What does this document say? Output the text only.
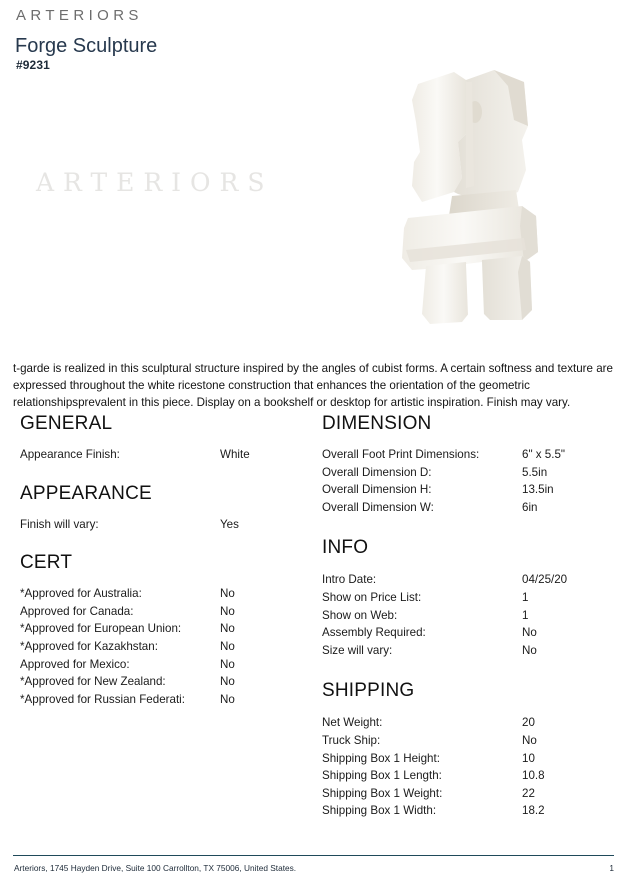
ARTERIORS
Forge Sculpture
#9231
ARTERIORS

t-garde is realized in this sculptural structure inspired by the angles of cubist forms. A certain softness and texture are expressed throughout the white ricestone construction that enhances the orientation of the geometric relationshipsprevalent in this piece. Display on a bookshelf or desktop for artistic inspiration. Finish may vary.

GENERAL
Appearance Finish:	White
APPEARANCE
Finish will vary:	Yes
CERT
*Approved for Australia:	No
Approved for Canada:	No
*Approved for European Union:	No
*Approved for Kazakhstan:	No
Approved for Mexico:	No
*Approved for New Zealand:	No
*Approved for Russian Federati:	No
DIMENSION
Overall Foot Print Dimensions:	6" x 5.5"
Overall Dimension D:	5.5in
Overall Dimension H:	13.5in
Overall Dimension W:	6in
INFO
Intro Date:	04/25/20
Show on Price List:	1
Show on Web:	1
Assembly Required:	No
Size will vary:	No
SHIPPING
Net Weight:	20
Truck Ship:	No
Shipping Box 1 Height:	10
Shipping Box 1 Length:	10.8
Shipping Box 1 Weight:	22
Shipping Box 1 Width:	18.2
Arteriors, 1745 Hayden Drive, Suite 100 Carrollton, TX 75006, United States.	1
